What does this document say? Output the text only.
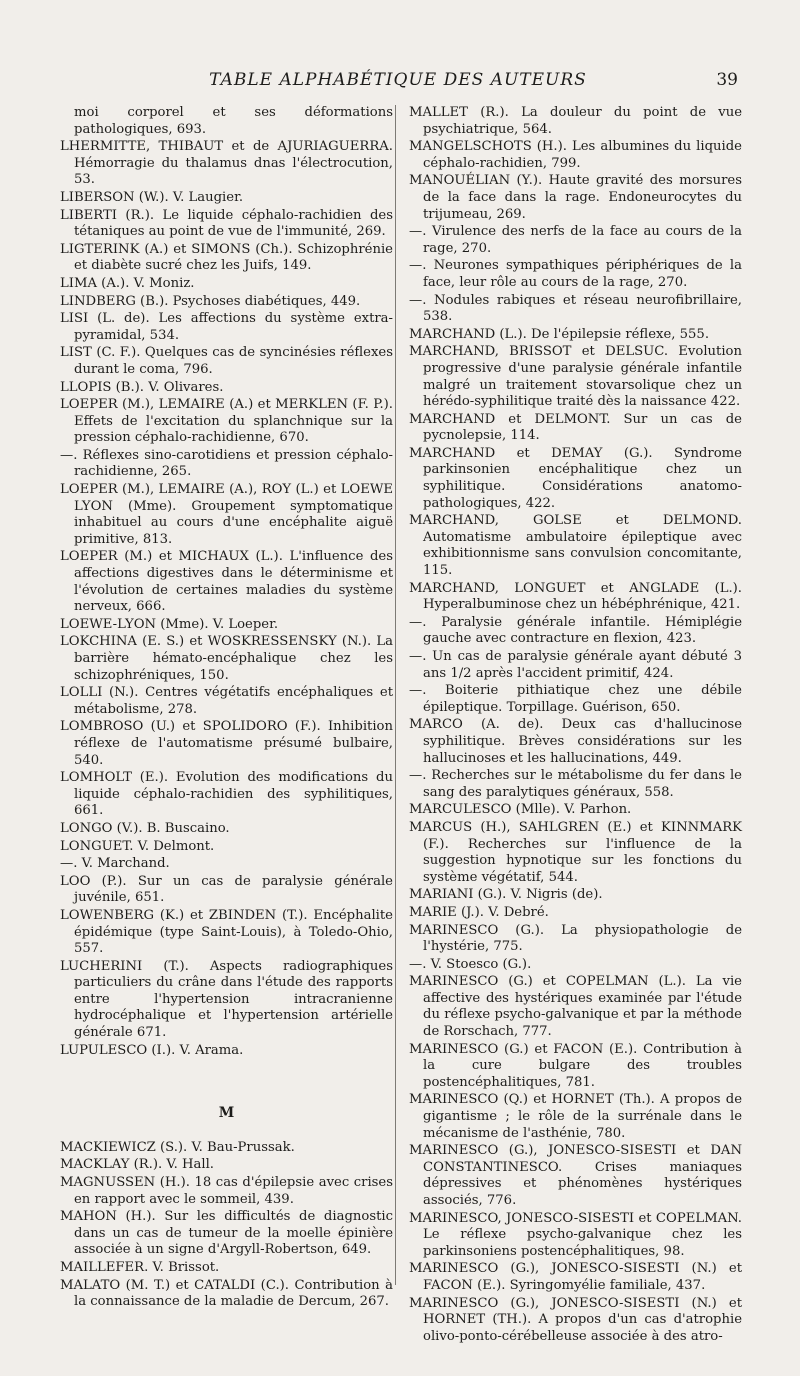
TABLE ALPHABÉTIQUE DES AUTEURS	39

moi corporel et ses déformations pathologiques, 693.

LHERMITTE, THIBAUT et de AJURIAGUERRA. Hémorragie du thalamus dnas l'électrocution, 53.

LIBERSON (W.). V. Laugier.

LIBERTI (R.). Le liquide céphalo-rachidien des tétaniques au point de vue de l'immunité, 269.

LIGTERINK (A.) et SIMONS (Ch.). Schizophrénie et diabète sucré chez les Juifs, 149.

LIMA (A.). V. Moniz.

LINDBERG (B.). Psychoses diabétiques, 449.

LISI (L. de). Les affections du système extra-pyramidal, 534.

LIST (C. F.). Quelques cas de syncinésies réflexes durant le coma, 796.

LLOPIS (B.). V. Olivares.

LOEPER (M.), LEMAIRE (A.) et MERKLEN (F. P.). Effets de l'excitation du splanchnique sur la pression céphalo-rachidienne, 670.

—. Réflexes sino-carotidiens et pression céphalo-rachidienne, 265.

LOEPER (M.), LEMAIRE (A.), ROY (L.) et LOEWE LYON (Mme). Groupement symptomatique inhabituel au cours d'une encéphalite aiguë primitive, 813.

LOEPER (M.) et MICHAUX (L.). L'influence des affections digestives dans le déterminisme et l'évolution de certaines maladies du système nerveux, 666.

LOEWE-LYON (Mme). V. Loeper.

LOKCHINA (E. S.) et WOSKRESSENSKY (N.). La barrière hémato-encéphalique chez les schizophréniques, 150.

LOLLI (N.). Centres végétatifs encéphaliques et métabolisme, 278.

LOMBROSO (U.) et SPOLIDORO (F.). Inhibition réflexe de l'automatisme présumé bulbaire, 540.

LOMHOLT (E.). Evolution des modifications du liquide céphalo-rachidien des syphilitiques, 661.

LONGO (V.). B. Buscaino.

LONGUET. V. Delmont.

—. V. Marchand.

LOO (P.). Sur un cas de paralysie générale juvénile, 651.

LOWENBERG (K.) et ZBINDEN (T.). Encéphalite épidémique (type Saint-Louis), à Toledo-Ohio, 557.

LUCHERINI (T.). Aspects radiographiques particuliers du crâne dans l'étude des rapports entre l'hypertension intracranienne hydrocéphalique et l'hypertension artérielle générale 671.

LUPULESCO (I.). V. Arama.

M

MACKIEWICZ (S.). V. Bau-Prussak.

MACKLAY (R.). V. Hall.

MAGNUSSEN (H.). 18 cas d'épilepsie avec crises en rapport avec le sommeil, 439.

MAHON (H.). Sur les difficultés de diagnostic dans un cas de tumeur de la moelle épinière associée à un signe d'Argyll-Robertson, 649.

MAILLEFER. V. Brissot.

MALATO (M. T.) et CATALDI (C.). Contribution à la connaissance de la maladie de Dercum, 267.

MALLET (R.). La douleur du point de vue psychiatrique, 564.

MANGELSCHOTS (H.). Les albumines du liquide céphalo-rachidien, 799.

MANOUÉLIAN (Y.). Haute gravité des morsures de la face dans la rage. Endoneurocytes du trijumeau, 269.

—. Virulence des nerfs de la face au cours de la rage, 270.

—. Neurones sympathiques périphériques de la face, leur rôle au cours de la rage, 270.

—. Nodules rabiques et réseau neurofibrillaire, 538.

MARCHAND (L.). De l'épilepsie réflexe, 555.

MARCHAND, BRISSOT et DELSUC. Evolution progressive d'une paralysie générale infantile malgré un traitement stovarsolique chez un hérédo-syphilitique traité dès la naissance 422.

MARCHAND et DELMONT. Sur un cas de pycnolepsie, 114.

MARCHAND et DEMAY (G.). Syndrome parkinsonien encéphalitique chez un syphilitique. Considérations anatomo-pathologiques, 422.

MARCHAND, GOLSE et DELMOND. Automatisme ambulatoire épileptique avec exhibitionnisme sans convulsion concomitante, 115.

MARCHAND, LONGUET et ANGLADE (L.). Hyperalbuminose chez un hébéphrénique, 421.

—. Paralysie générale infantile. Hémiplégie gauche avec contracture en flexion, 423.

—. Un cas de paralysie générale ayant débuté 3 ans 1/2 après l'accident primitif, 424.

—. Boiterie pithiatique chez une débile épileptique. Torpillage. Guérison, 650.

MARCO (A. de). Deux cas d'hallucinose syphilitique. Brèves considérations sur les hallucinoses et les hallucinations, 449.

—. Recherches sur le métabolisme du fer dans le sang des paralytiques généraux, 558.

MARCULESCO (Mlle). V. Parhon.

MARCUS (H.), SAHLGREN (E.) et KINNMARK (F.). Recherches sur l'influence de la suggestion hypnotique sur les fonctions du système végétatif, 544.

MARIANI (G.). V. Nigris (de).

MARIE (J.). V. Debré.

MARINESCO (G.). La physiopathologie de l'hystérie, 775.

—. V. Stoesco (G.).

MARINESCO (G.) et COPELMAN (L.). La vie affective des hystériques examinée par l'étude du réflexe psycho-galvanique et par la méthode de Rorschach, 777.

MARINESCO (G.) et FACON (E.). Contribution à la cure bulgare des troubles postencéphalitiques, 781.

MARINESCO (Q.) et HORNET (Th.). A propos de gigantisme ; le rôle de la surrénale dans le mécanisme de l'asthénie, 780.

MARINESCO (G.), JONESCO-SISESTI et DAN CONSTANTINESCO. Crises maniaques dépressives et phénomènes hystériques associés, 776.

MARINESCO, JONESCO-SISESTI et COPELMAN. Le réflexe psycho-galvanique chez les parkinsoniens postencéphalitiques, 98.

MARINESCO (G.), JONESCO-SISESTI (N.) et FACON (E.). Syringomyélie familiale, 437.

MARINESCO (G.), JONESCO-SISESTI (N.) et HORNET (TH.). A propos d'un cas d'atrophie olivo-ponto-cérébelleuse associée à des atro-
